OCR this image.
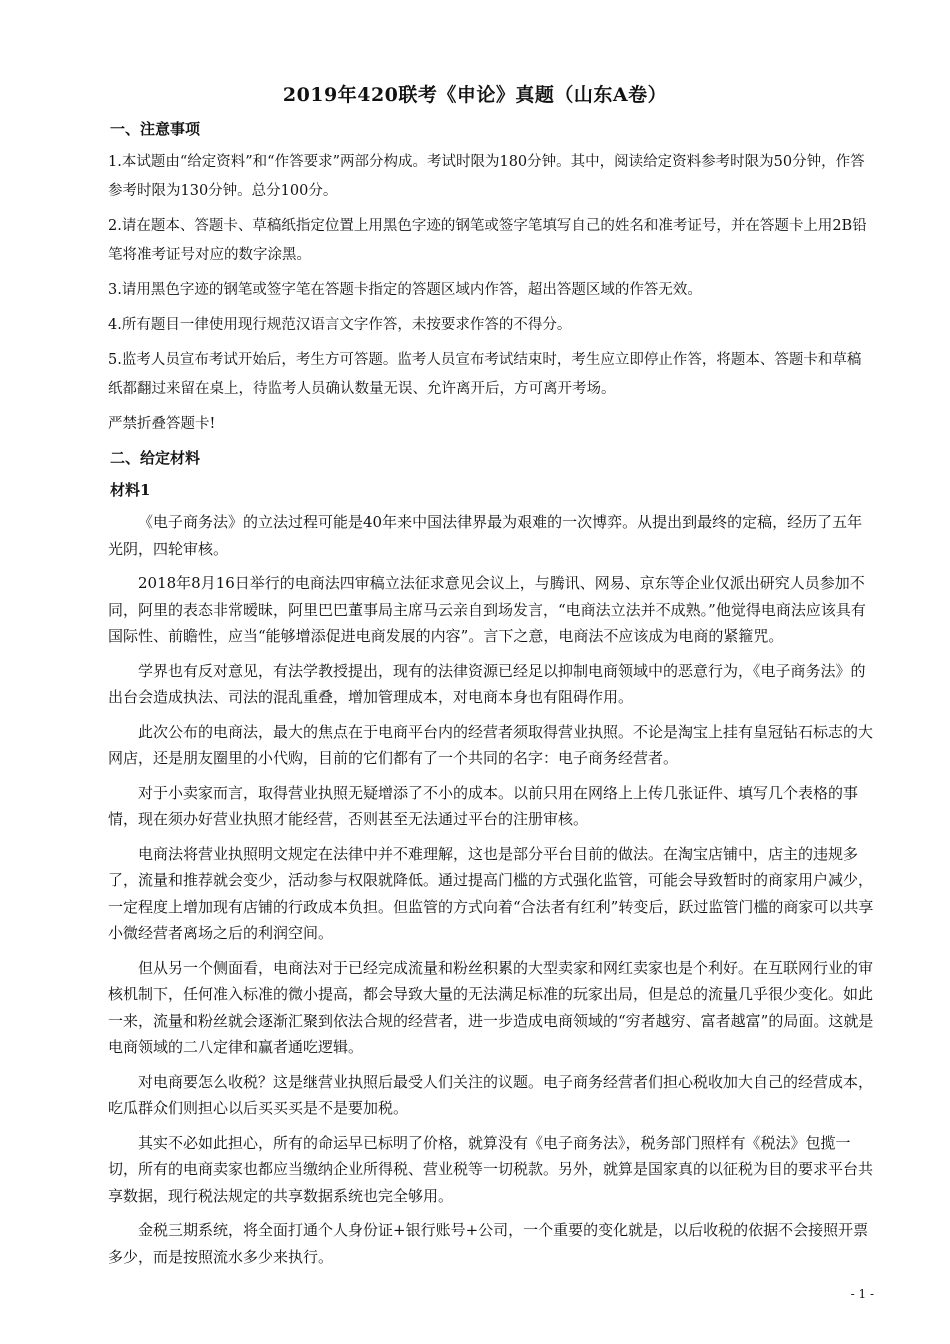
2019年420联考《申论》真题（山东A卷）
一、注意事项

1.本试题由“给定资料”和“作答要求”两部分构成。考试时限为180分钟。其中，阅读给定资料参考时限为50分钟，作答参考时限为130分钟。总分100分。

2.请在题本、答题卡、草稿纸指定位置上用黑色字迹的钢笔或签字笔填写自己的姓名和准考证号，并在答题卡上用2B铅笔将准考证号对应的数字涂黑。

3.请用黑色字迹的钢笔或签字笔在答题卡指定的答题区域内作答，超出答题区域的作答无效。

4.所有题目一律使用现行规范汉语言文字作答，未按要求作答的不得分。

5.监考人员宣布考试开始后，考生方可答题。监考人员宣布考试结束时，考生应立即停止作答，将题本、答题卡和草稿纸都翻过来留在桌上，待监考人员确认数量无误、允许离开后，方可离开考场。

严禁折叠答题卡!

二、给定材料
材料1

《电子商务法》的立法过程可能是40年来中国法律界最为艰难的一次博弈。从提出到最终的定稿，经历了五年光阴，四轮审核。

2018年8月16日举行的电商法四审稿立法征求意见会议上，与腾讯、网易、京东等企业仅派出研究人员参加不同，阿里的表态非常暧昧，阿里巴巴董事局主席马云亲自到场发言，“电商法立法并不成熟。”他觉得电商法应该具有国际性、前瞻性，应当“能够增添促进电商发展的内容”。言下之意，电商法不应该成为电商的紧箍咒。

学界也有反对意见，有法学教授提出，现有的法律资源已经足以抑制电商领域中的恶意行为，《电子商务法》的出台会造成执法、司法的混乱重叠，增加管理成本，对电商本身也有阻碍作用。

此次公布的电商法，最大的焦点在于电商平台内的经营者须取得营业执照。不论是淘宝上挂有皇冠钻石标志的大网店，还是朋友圈里的小代购，目前的它们都有了一个共同的名字：电子商务经营者。

对于小卖家而言，取得营业执照无疑增添了不小的成本。以前只用在网络上上传几张证件、填写几个表格的事情，现在须办好营业执照才能经营，否则甚至无法通过平台的注册审核。

电商法将营业执照明文规定在法律中并不难理解，这也是部分平台目前的做法。在淘宝店铺中，店主的违规多了，流量和推荐就会变少，活动参与权限就降低。通过提高门槛的方式强化监管，可能会导致暂时的商家用户减少，一定程度上增加现有店铺的行政成本负担。但监管的方式向着“合法者有红利”转变后，跃过监管门槛的商家可以共享小微经营者离场之后的利润空间。

但从另一个侧面看，电商法对于已经完成流量和粉丝积累的大型卖家和网红卖家也是个利好。在互联网行业的审核机制下，任何准入标准的微小提高，都会导致大量的无法满足标准的玩家出局，但是总的流量几乎很少变化。如此一来，流量和粉丝就会逐渐汇聚到依法合规的经营者，进一步造成电商领域的“穷者越穷、富者越富”的局面。这就是电商领域的二八定律和赢者通吃逻辑。

对电商要怎么收税？这是继营业执照后最受人们关注的议题。电子商务经营者们担心税收加大自己的经营成本，吃瓜群众们则担心以后买买买是不是要加税。

其实不必如此担心，所有的命运早已标明了价格，就算没有《电子商务法》，税务部门照样有《税法》包揽一切，所有的电商卖家也都应当缴纳企业所得税、营业税等一切税款。另外，就算是国家真的以征税为目的要求平台共享数据，现行税法规定的共享数据系统也完全够用。

金税三期系统，将全面打通个人身份证+银行账号+公司，一个重要的变化就是，以后收税的依据不会接照开票多少，而是按照流水多少来执行。

- 1 -
